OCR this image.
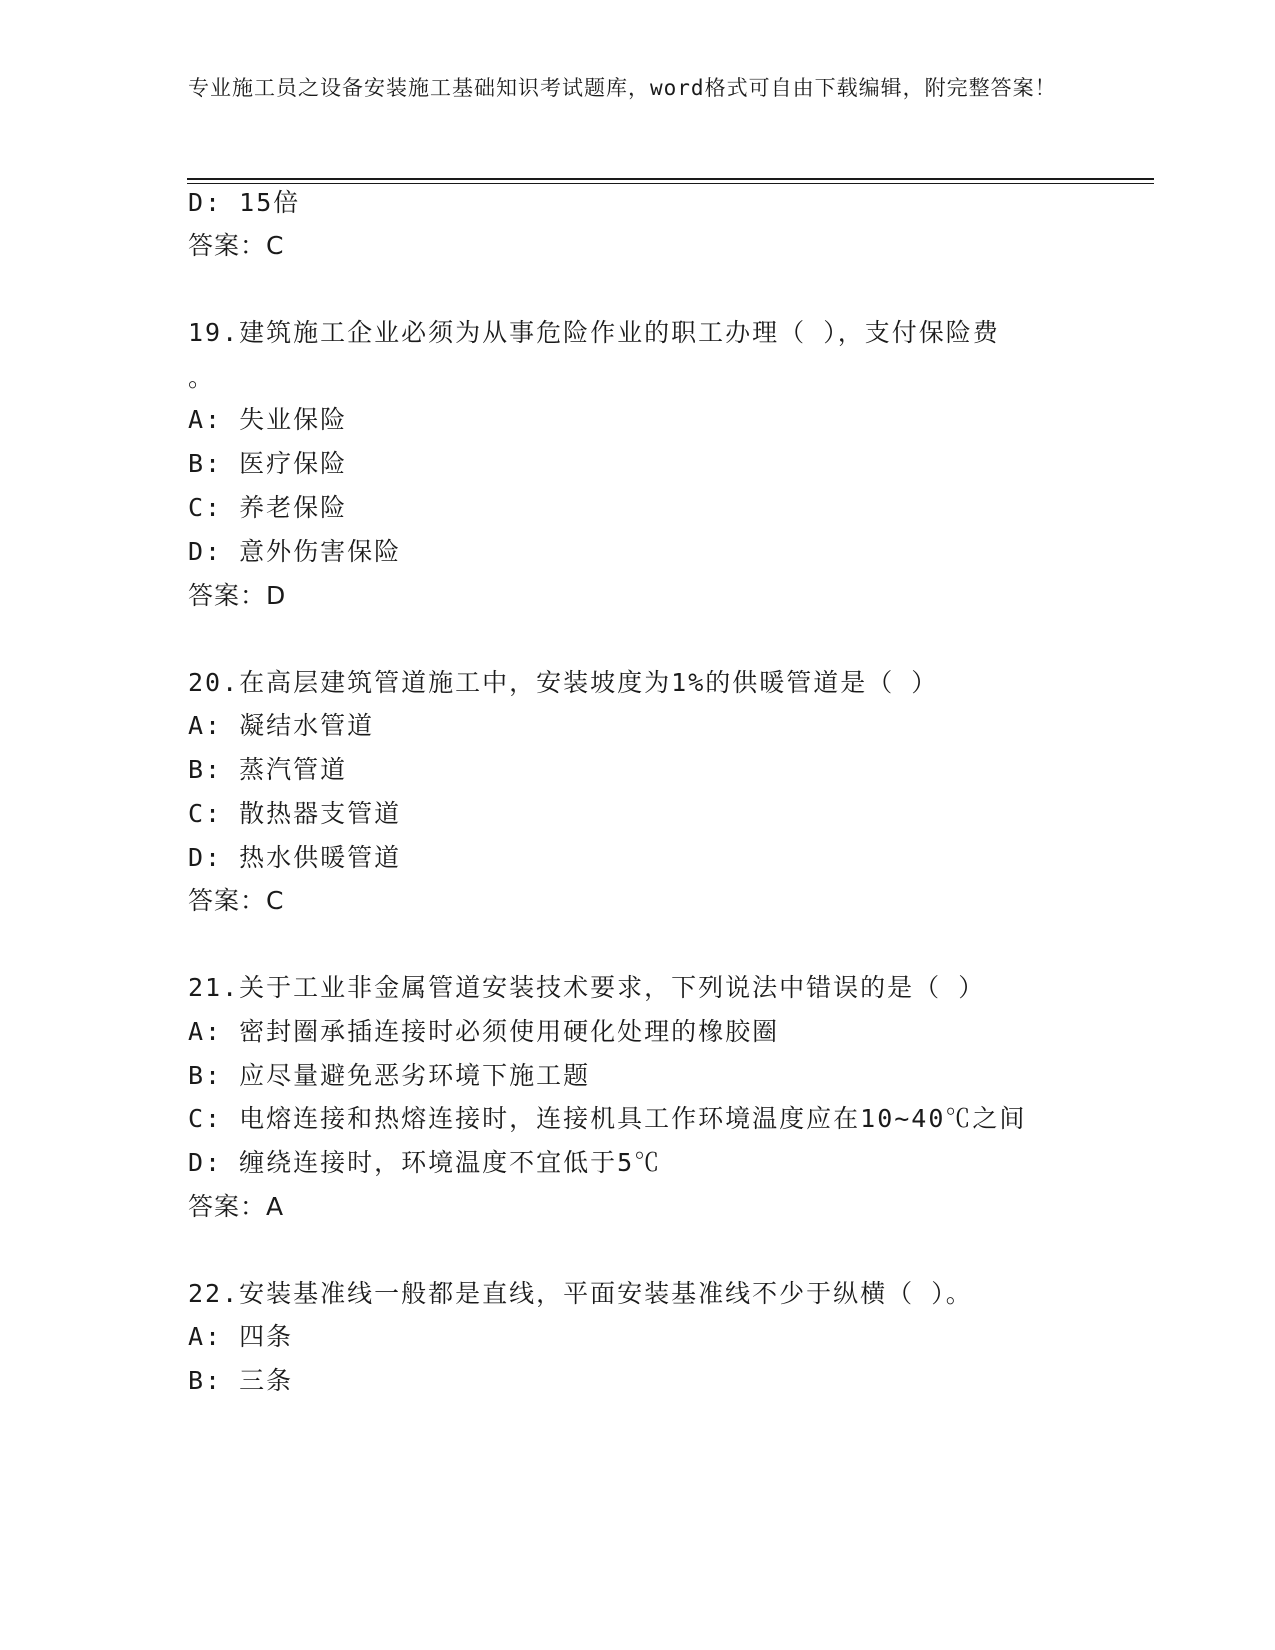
专业施工员之设备安装施工基础知识考试题库，word格式可自由下载编辑，附完整答案！
D: 15倍
答案：C
19.建筑施工企业必须为从事危险作业的职工办理（ ），支付保险费
。
A: 失业保险
B: 医疗保险
C: 养老保险
D: 意外伤害保险
答案：D
20.在高层建筑管道施工中，安装坡度为1%的供暖管道是（ ）
A: 凝结水管道
B: 蒸汽管道
C: 散热器支管道
D: 热水供暖管道
答案：C
21.关于工业非金属管道安装技术要求，下列说法中错误的是（ ）
A: 密封圈承插连接时必须使用硬化处理的橡胶圈
B: 应尽量避免恶劣环境下施工题
C: 电熔连接和热熔连接时，连接机具工作环境温度应在10~40℃之间
D: 缠绕连接时，环境温度不宜低于5℃
答案：A
22.安装基准线一般都是直线，平面安装基准线不少于纵横（ ）。
A: 四条
B: 三条
